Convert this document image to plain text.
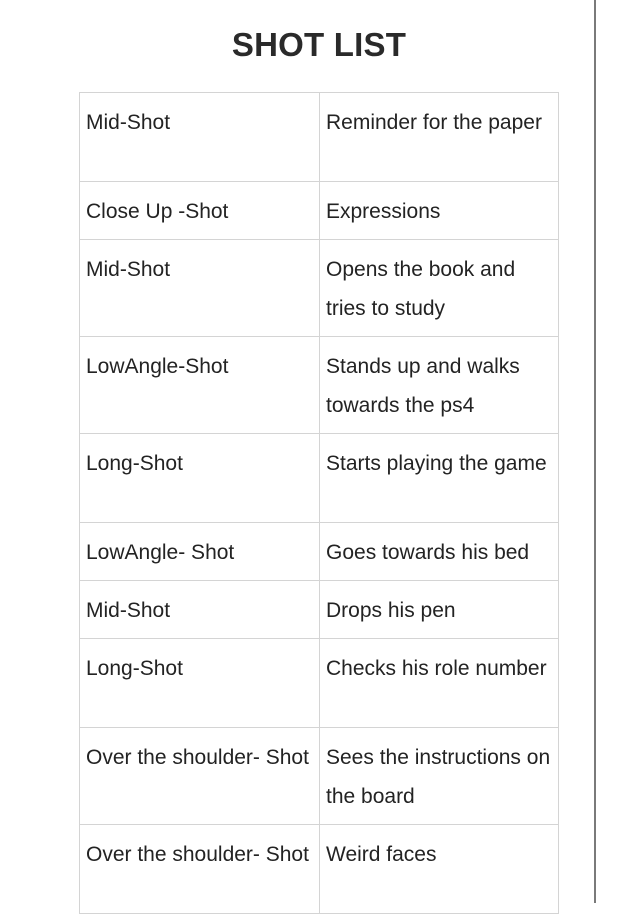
SHOT LIST
Mid-Shot	Reminder for the paper
Close Up -Shot	Expressions
Mid-Shot	Opens the book and tries to study
LowAngle-Shot	Stands up and walks towards the ps4
Long-Shot	Starts playing the game
LowAngle- Shot	Goes towards his bed
Mid-Shot	Drops his pen
Long-Shot	Checks his role number
Over the shoulder- Shot	Sees the instructions on the board
Over the shoulder- Shot	Weird faces
